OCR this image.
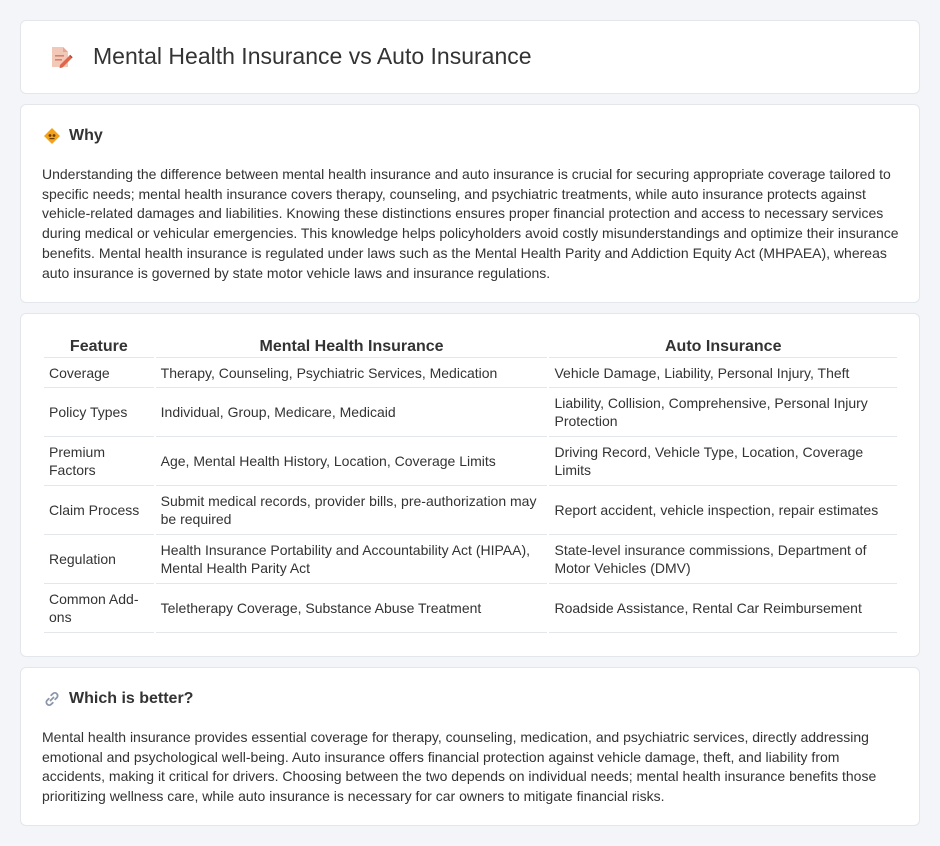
Mental Health Insurance vs Auto Insurance
Why

Understanding the difference between mental health insurance and auto insurance is crucial for securing appropriate coverage tailored to specific needs; mental health insurance covers therapy, counseling, and psychiatric treatments, while auto insurance protects against vehicle-related damages and liabilities. Knowing these distinctions ensures proper financial protection and access to necessary services during medical or vehicular emergencies. This knowledge helps policyholders avoid costly misunderstandings and optimize their insurance benefits. Mental health insurance is regulated under laws such as the Mental Health Parity and Addiction Equity Act (MHPAEA), whereas auto insurance is governed by state motor vehicle laws and insurance regulations.

Feature	Mental Health Insurance	Auto Insurance
Coverage	Therapy, Counseling, Psychiatric Services, Medication	Vehicle Damage, Liability, Personal Injury, Theft
Policy Types	Individual, Group, Medicare, Medicaid	Liability, Collision, Comprehensive, Personal Injury Protection
Premium Factors	Age, Mental Health History, Location, Coverage Limits	Driving Record, Vehicle Type, Location, Coverage Limits
Claim Process	Submit medical records, provider bills, pre-authorization may be required	Report accident, vehicle inspection, repair estimates
Regulation	Health Insurance Portability and Accountability Act (HIPAA), Mental Health Parity Act	State-level insurance commissions, Department of Motor Vehicles (DMV)
Common Add-ons	Teletherapy Coverage, Substance Abuse Treatment	Roadside Assistance, Rental Car Reimbursement
Which is better?

Mental health insurance provides essential coverage for therapy, counseling, medication, and psychiatric services, directly addressing emotional and psychological well-being. Auto insurance offers financial protection against vehicle damage, theft, and liability from accidents, making it critical for drivers. Choosing between the two depends on individual needs; mental health insurance benefits those prioritizing wellness care, while auto insurance is necessary for car owners to mitigate financial risks.
